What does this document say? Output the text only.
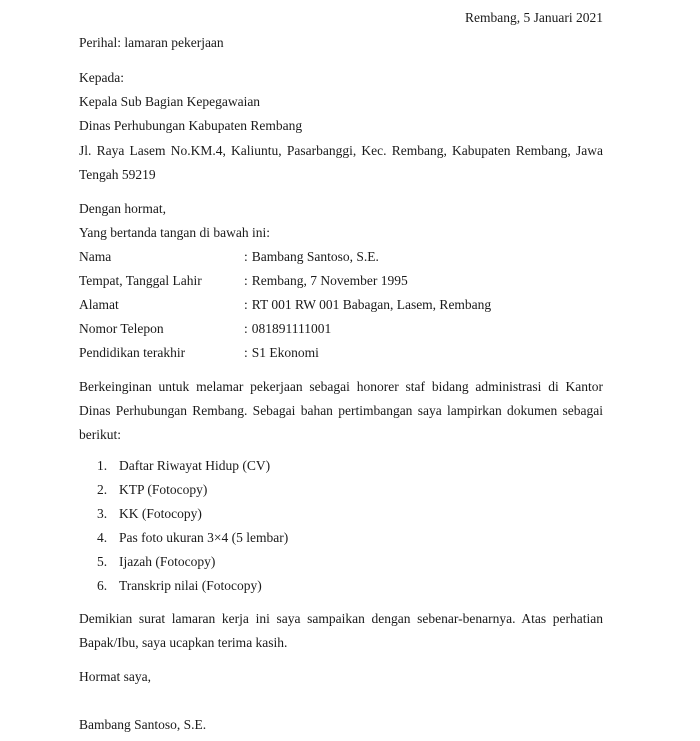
Rembang, 5 Januari 2021
Perihal: lamaran pekerjaan
Kepada:
Kepala Sub Bagian Kepegawaian
Dinas Perhubungan Kabupaten Rembang
Jl. Raya Lasem No.KM.4, Kaliuntu, Pasarbanggi, Kec. Rembang, Kabupaten Rembang, Jawa
Tengah 59219
Dengan hormat,
Yang bertanda tangan di bawah ini:
Nama	: Bambang Santoso, S.E.
Tempat, Tanggal Lahir	: Rembang, 7 November 1995
Alamat	: RT 001 RW 001 Babagan, Lasem, Rembang
Nomor Telepon	: 081891111001
Pendidikan terakhir	: S1 Ekonomi
Berkeinginan untuk melamar pekerjaan sebagai honorer staf bidang administrasi di Kantor
Dinas Perhubungan Rembang. Sebagai bahan pertimbangan saya lampirkan dokumen sebagai
berikut:
1. Daftar Riwayat Hidup (CV)
2. KTP (Fotocopy)
3. KK (Fotocopy)
4. Pas foto ukuran 3×4 (5 lembar)
5. Ijazah (Fotocopy)
6. Transkrip nilai (Fotocopy)
Demikian surat lamaran kerja ini saya sampaikan dengan sebenar-benarnya. Atas perhatian
Bapak/Ibu, saya ucapkan terima kasih.
Hormat saya,
Bambang Santoso, S.E.
